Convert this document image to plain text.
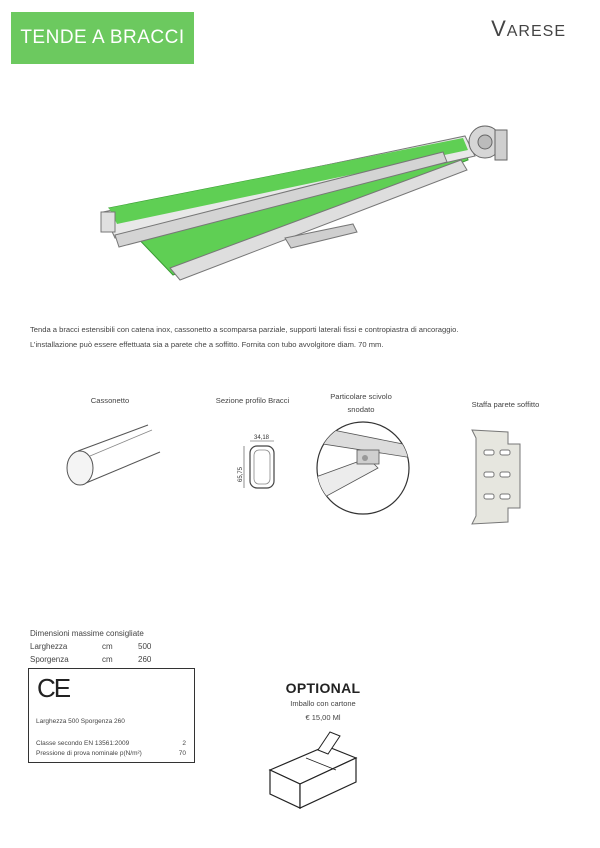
TENDE A BRACCI	VARESE
Tenda a bracci estensibili con catena inox, cassonetto a scomparsa parziale, supporti laterali fissi e contropiastra di ancoraggio.
L’installazione può essere effettuata sia a parete che a soffitto. Fornita con tubo avvolgitore diam. 70 mm.
Cassonetto	Sezione profilo Bracci	Particolare scivolo
snodato
Staffa parete soffitto
34,18
65,75
Dimensioni massime consigliate
Larghezza	cm	500
Sporgenza	cm	260
CE
Larghezza 500 Sporgenza 260
Classe secondo EN 13561:2009	2
Pressione di prova nominale p(N/m²)	70
OPTIONAL
Imballo con cartone
€ 15,00 Ml
